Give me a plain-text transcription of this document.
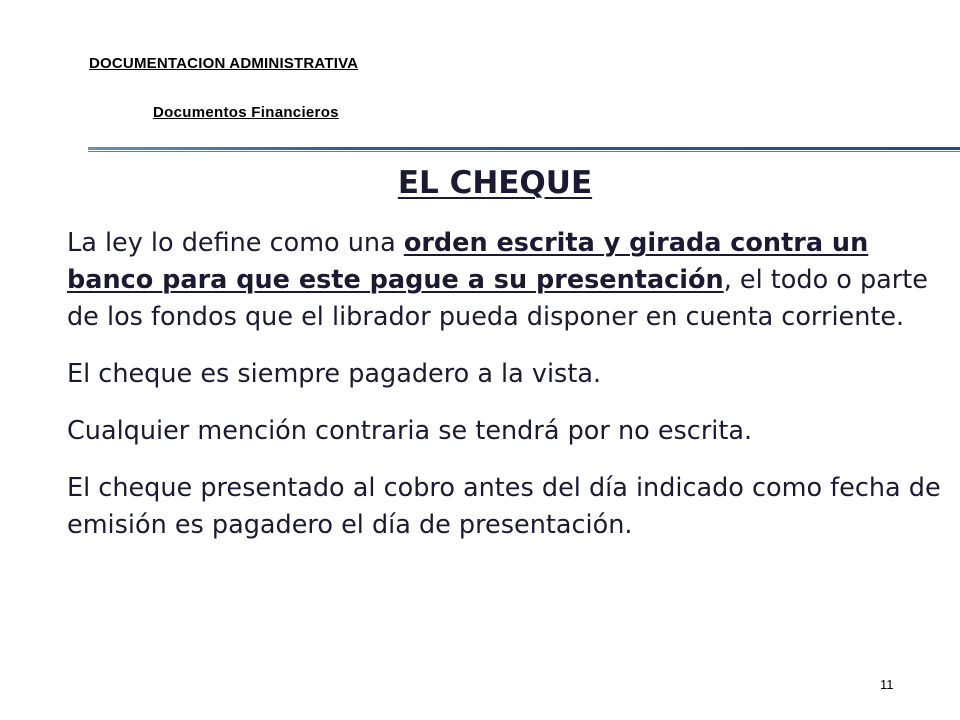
DOCUMENTACION ADMINISTRATIVA
Documentos Financieros
EL CHEQUE

La ley lo define como una orden escrita y girada contra un banco para que este pague a su presentación, el todo o parte de los fondos que el librador pueda disponer en cuenta corriente.

El cheque es siempre pagadero a la vista.

Cualquier mención contraria se tendrá por no escrita.

El cheque presentado al cobro antes del día indicado como fecha de emisión es pagadero el día de presentación.

11
